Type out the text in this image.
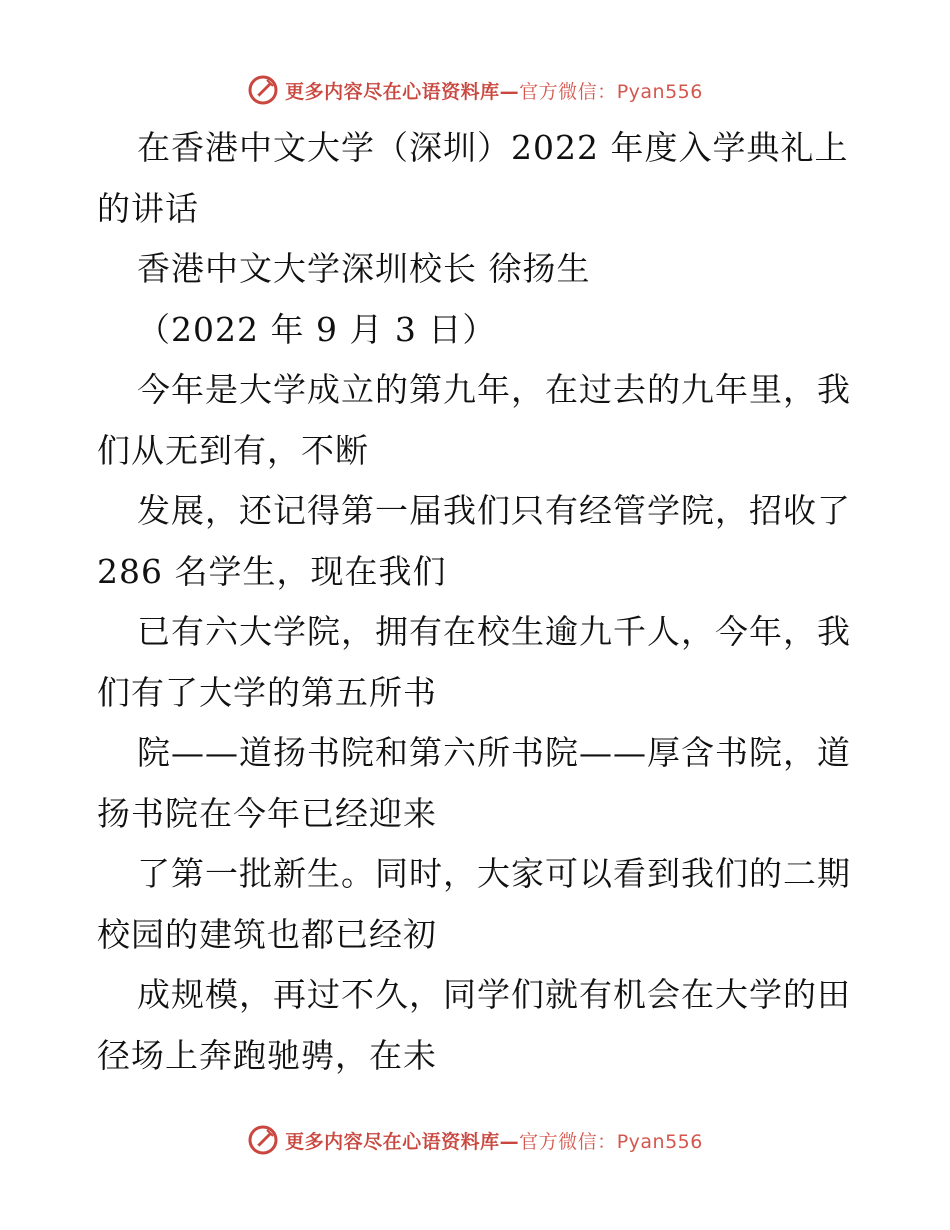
更多内容尽在心语资料库—官方微信：Pyan556
在香港中文大学（深圳）2022 年度入学典礼上
的讲话
香港中文大学深圳校长 徐扬生
（2022 年 9 月 3 日）
今年是大学成立的第九年，在过去的九年里，我
们从无到有，不断
发展，还记得第一届我们只有经管学院，招收了
286 名学生，现在我们
已有六大学院，拥有在校生逾九千人，今年，我
们有了大学的第五所书
院——道扬书院和第六所书院——厚含书院，道
扬书院在今年已经迎来
了第一批新生。同时，大家可以看到我们的二期
校园的建筑也都已经初
成规模，再过不久，同学们就有机会在大学的田
径场上奔跑驰骋，在未
更多内容尽在心语资料库—官方微信：Pyan556
